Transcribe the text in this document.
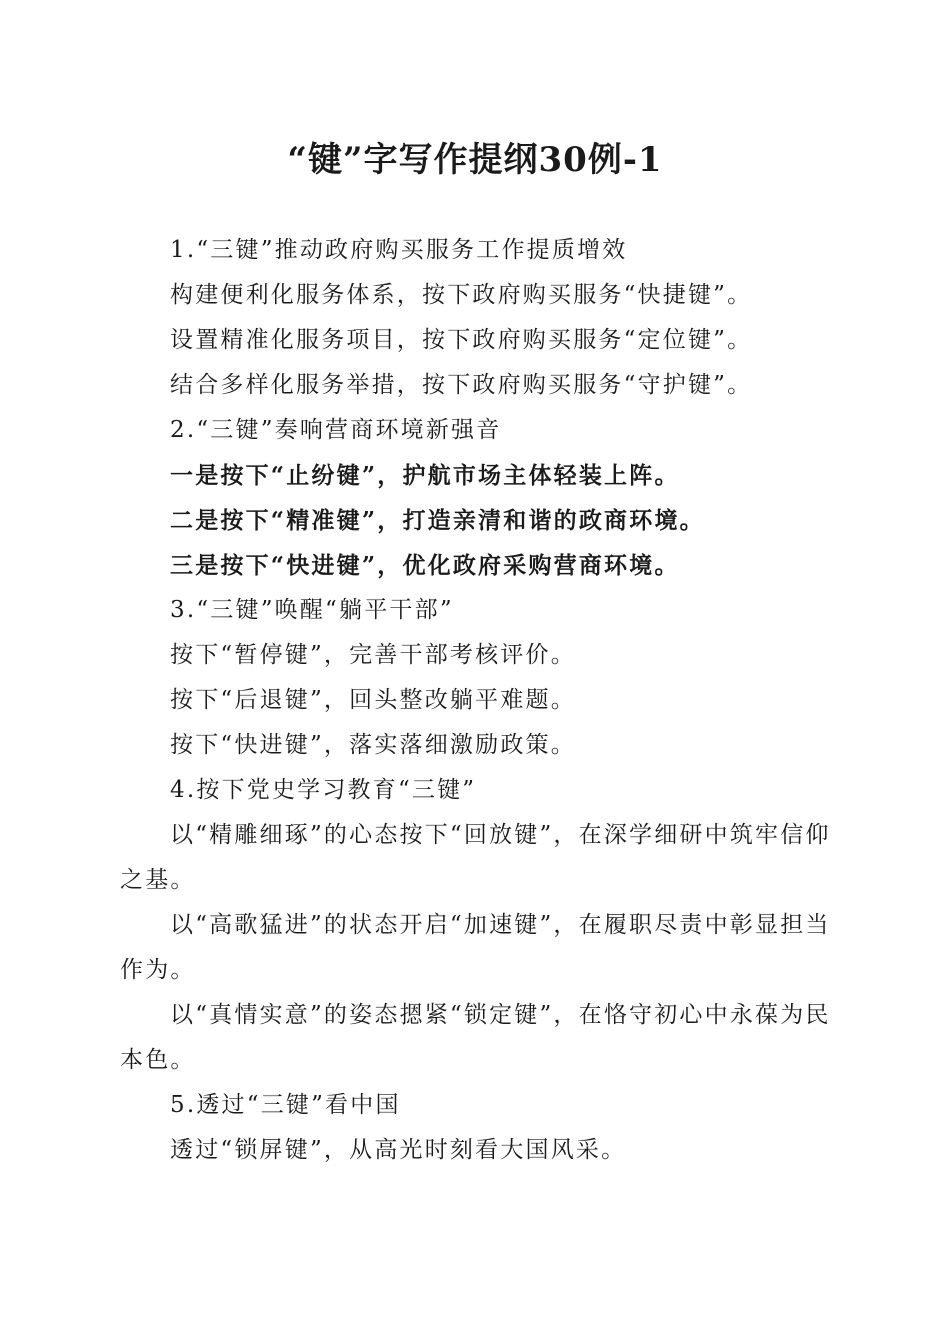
“键”字写作提纲30例-1

1.“三键”推动政府购买服务工作提质增效

构建便利化服务体系，按下政府购买服务“快捷键”。

设置精准化服务项目，按下政府购买服务“定位键”。

结合多样化服务举措，按下政府购买服务“守护键”。

2.“三键”奏响营商环境新强音

一是按下“止纷键”，护航市场主体轻装上阵。

二是按下“精准键”，打造亲清和谐的政商环境。

三是按下“快进键”，优化政府采购营商环境。

3.“三键”唤醒“躺平干部”

按下“暂停键”，完善干部考核评价。

按下“后退键”，回头整改躺平难题。

按下“快进键”，落实落细激励政策。

4.按下党史学习教育“三键”

以“精雕细琢”的心态按下“回放键”，在深学细研中筑牢信仰之基。

以“高歌猛进”的状态开启“加速键”，在履职尽责中彰显担当作为。

以“真情实意”的姿态摁紧“锁定键”，在恪守初心中永葆为民本色。

5.透过“三键”看中国

透过“锁屏键”，从高光时刻看大国风采。
